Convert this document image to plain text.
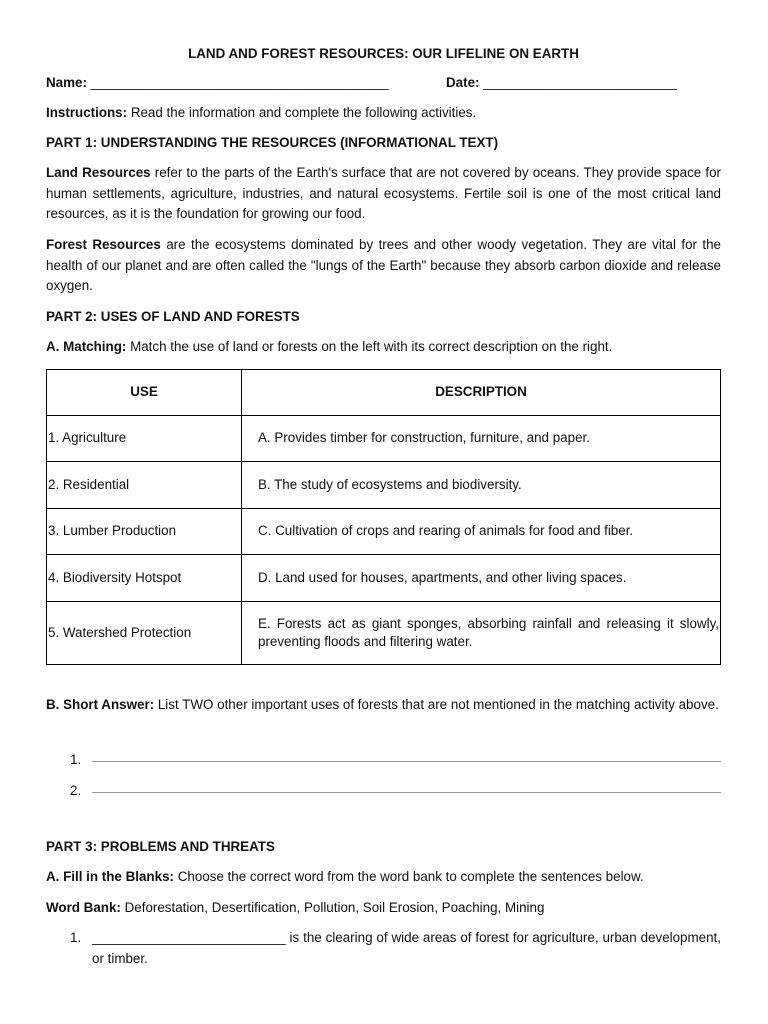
LAND AND FOREST RESOURCES: OUR LIFELINE ON EARTH
Name: ________________________________________	Date: __________________________
Instructions: Read the information and complete the following activities.
PART 1: UNDERSTANDING THE RESOURCES (INFORMATIONAL TEXT)
Land Resources refer to the parts of the Earth's surface that are not covered by oceans. They provide space for human settlements, agriculture, industries, and natural ecosystems. Fertile soil is one of the most critical land resources, as it is the foundation for growing our food.
Forest Resources are the ecosystems dominated by trees and other woody vegetation. They are vital for the health of our planet and are often called the "lungs of the Earth" because they absorb carbon dioxide and release oxygen.
PART 2: USES OF LAND AND FORESTS
A. Matching: Match the use of land or forests on the left with its correct description on the right.
USE	DESCRIPTION
1. Agriculture	A. Provides timber for construction, furniture, and paper.
2. Residential	B. The study of ecosystems and biodiversity.
3. Lumber Production	C. Cultivation of crops and rearing of animals for food and fiber.
4. Biodiversity Hotspot	D. Land used for houses, apartments, and other living spaces.
5. Watershed Protection	E. Forests act as giant sponges, absorbing rainfall and releasing it slowly, preventing floods and filtering water.
B. Short Answer: List TWO other important uses of forests that are not mentioned in the matching activity above.
1.
2.
PART 3: PROBLEMS AND THREATS
A. Fill in the Blanks: Choose the correct word from the word bank to complete the sentences below.
Word Bank: Deforestation, Desertification, Pollution, Soil Erosion, Poaching, Mining
1. __________________________ is the clearing of wide areas of forest for agriculture, urban development, or timber.
